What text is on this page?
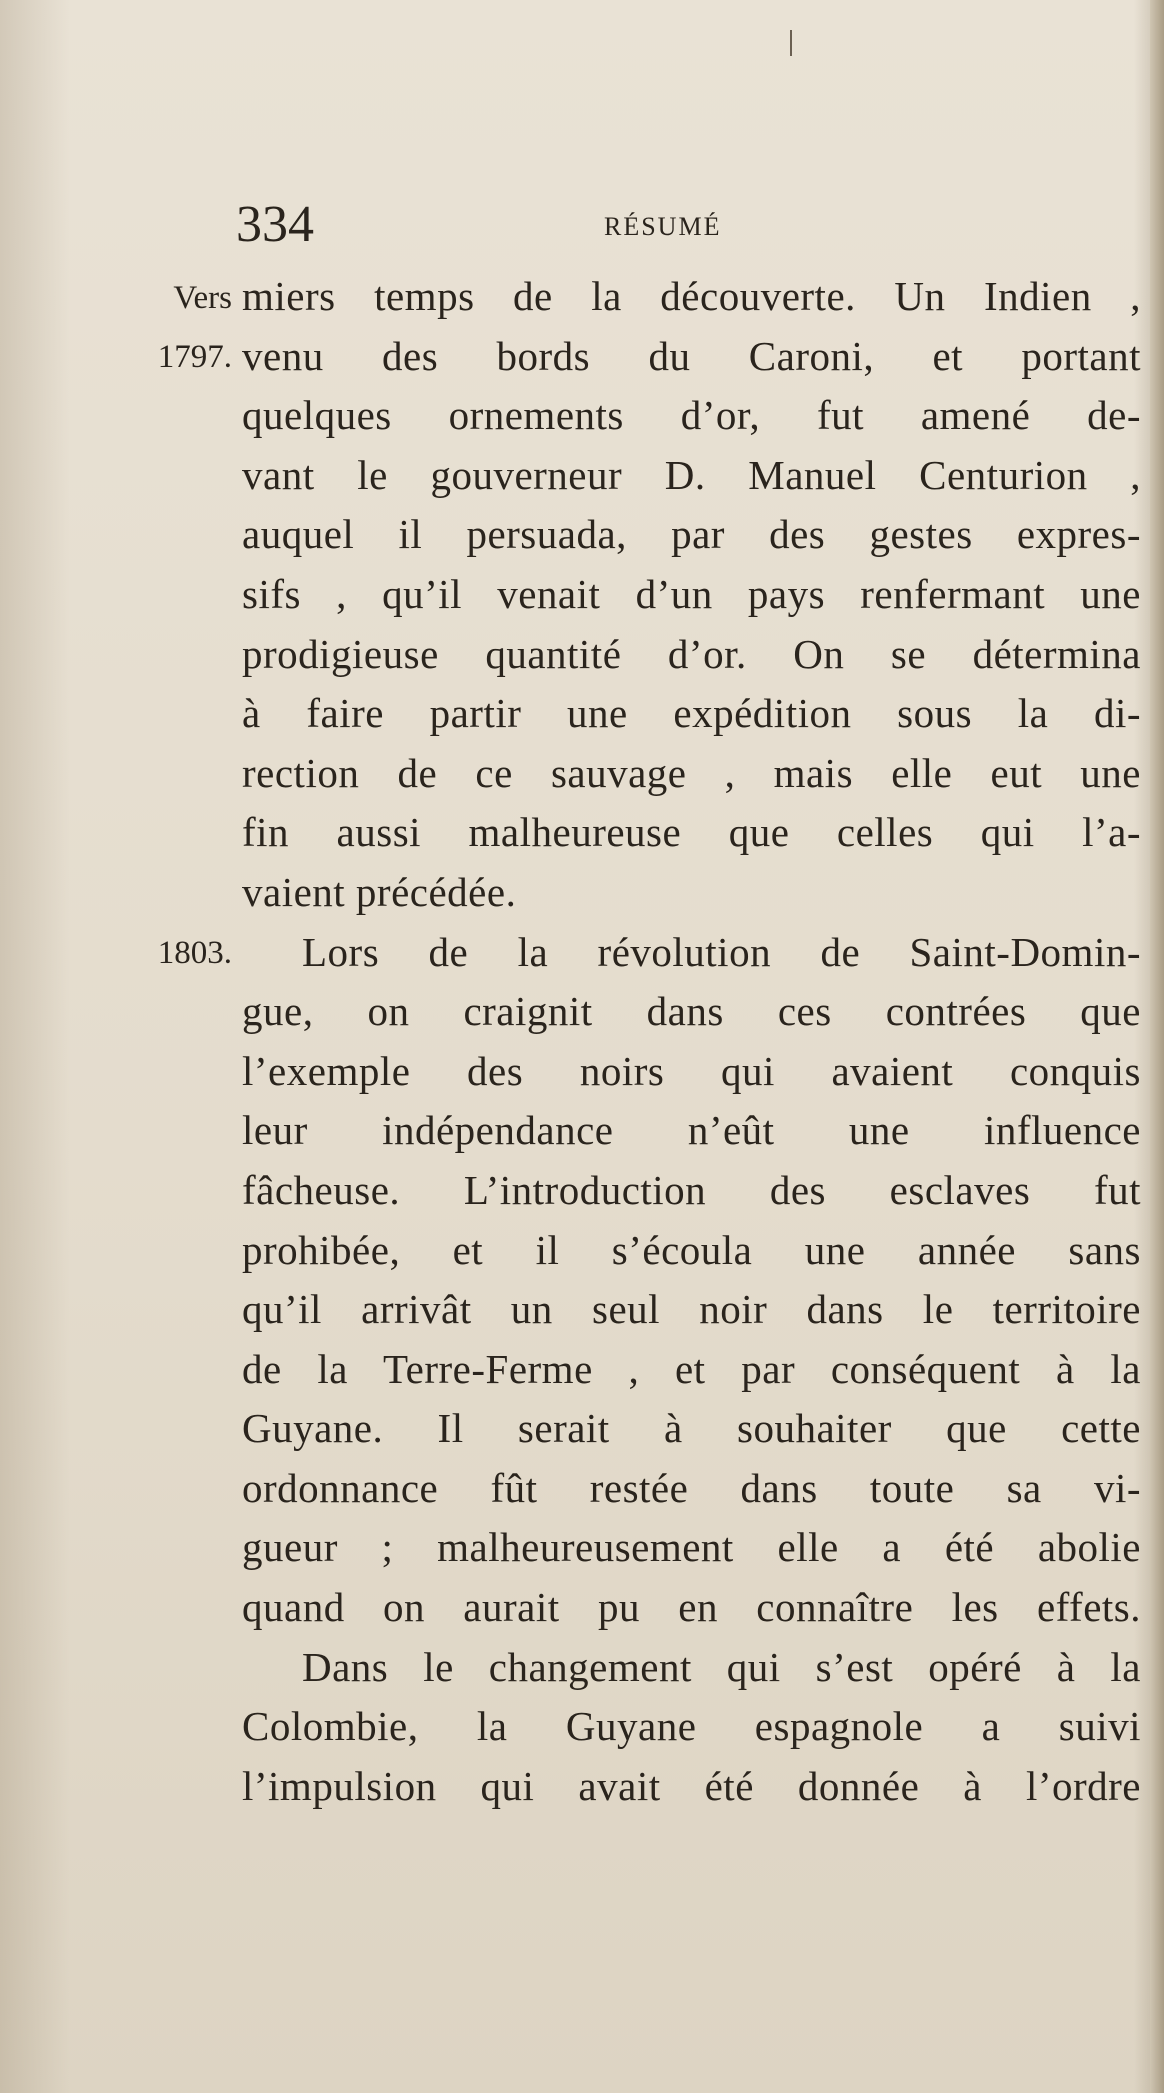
334	RÉSUMÉ
Vers
1797.
1803.
miers temps de la découverte. Un Indien ,
venu des bords du Caroni, et portant
quelques ornements d’or, fut amené de-
vant le gouverneur D. Manuel Centurion ,
auquel il persuada, par des gestes expres-
sifs , qu’il venait d’un pays renfermant une
prodigieuse quantité d’or. On se détermina
à faire partir une expédition sous la di-
rection de ce sauvage , mais elle eut une
fin aussi malheureuse que celles qui l’a-
vaient précédée.
Lors de la révolution de Saint-Domin-
gue, on craignit dans ces contrées que
l’exemple des noirs qui avaient conquis
leur indépendance n’eût une influence
fâcheuse. L’introduction des esclaves fut
prohibée, et il s’écoula une année sans
qu’il arrivât un seul noir dans le territoire
de la Terre-Ferme , et par conséquent à la
Guyane. Il serait à souhaiter que cette
ordonnance fût restée dans toute sa vi-
gueur ; malheureusement elle a été abolie
quand on aurait pu en connaître les effets.
Dans le changement qui s’est opéré à la
Colombie, la Guyane espagnole a suivi
l’impulsion qui avait été donnée à l’ordre
